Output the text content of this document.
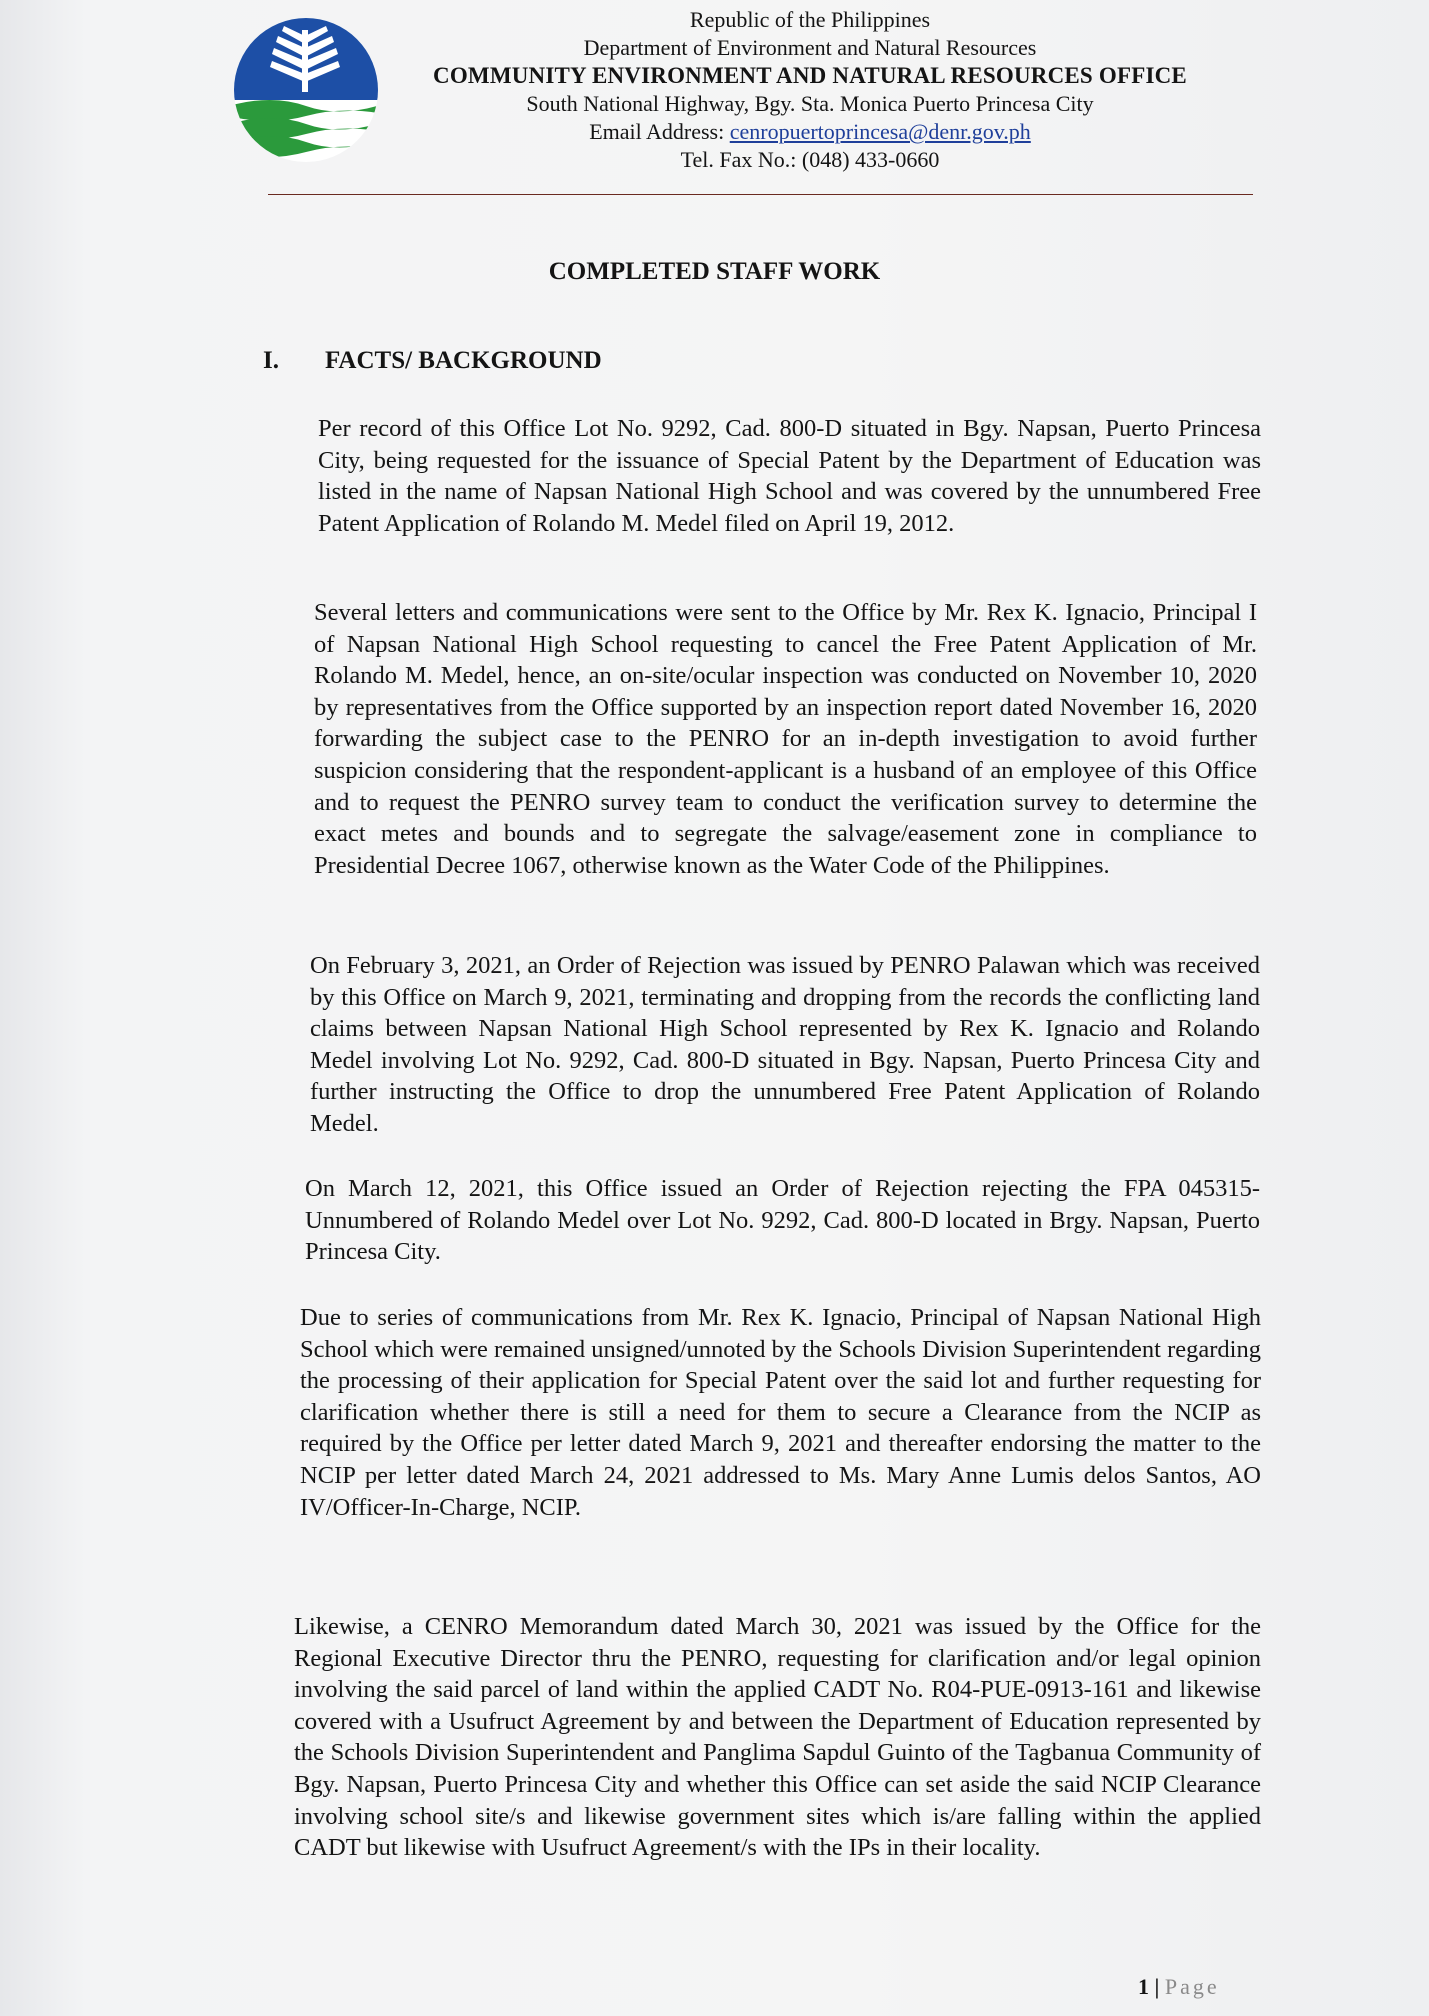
Republic of the Philippines
Department of Environment and Natural Resources
COMMUNITY ENVIRONMENT AND NATURAL RESOURCES OFFICE
South National Highway, Bgy. Sta. Monica Puerto Princesa City
Email Address: cenropuertoprincesa@denr.gov.ph
Tel. Fax No.: (048) 433-0660
COMPLETED STAFF WORK
I. FACTS/ BACKGROUND

Per record of this Office Lot No. 9292, Cad. 800-D situated in Bgy. Napsan, Puerto Princesa City, being requested for the issuance of Special Patent by the Department of Education was listed in the name of Napsan National High School and was covered by the unnumbered Free Patent Application of Rolando M. Medel filed on April 19, 2012.

Several letters and communications were sent to the Office by Mr. Rex K. Ignacio, Principal I of Napsan National High School requesting to cancel the Free Patent Application of Mr. Rolando M. Medel, hence, an on-site/ocular inspection was conducted on November 10, 2020 by representatives from the Office supported by an inspection report dated November 16, 2020 forwarding the subject case to the PENRO for an in-depth investigation to avoid further suspicion considering that the respondent-applicant is a husband of an employee of this Office and to request the PENRO survey team to conduct the verification survey to determine the exact metes and bounds and to segregate the salvage/easement zone in compliance to Presidential Decree 1067, otherwise known as the Water Code of the Philippines.

On February 3, 2021, an Order of Rejection was issued by PENRO Palawan which was received by this Office on March 9, 2021, terminating and dropping from the records the conflicting land claims between Napsan National High School represented by Rex K. Ignacio and Rolando Medel involving Lot No. 9292, Cad. 800-D situated in Bgy. Napsan, Puerto Princesa City and further instructing the Office to drop the unnumbered Free Patent Application of Rolando Medel.

On March 12, 2021, this Office issued an Order of Rejection rejecting the FPA 045315-Unnumbered of Rolando Medel over Lot No. 9292, Cad. 800-D located in Brgy. Napsan, Puerto Princesa City.

Due to series of communications from Mr. Rex K. Ignacio, Principal of Napsan National High School which were remained unsigned/unnoted by the Schools Division Superintendent regarding the processing of their application for Special Patent over the said lot and further requesting for clarification whether there is still a need for them to secure a Clearance from the NCIP as required by the Office per letter dated March 9, 2021 and thereafter endorsing the matter to the NCIP per letter dated March 24, 2021 addressed to Ms. Mary Anne Lumis delos Santos, AO IV/Officer-In-Charge, NCIP.

Likewise, a CENRO Memorandum dated March 30, 2021 was issued by the Office for the Regional Executive Director thru the PENRO, requesting for clarification and/or legal opinion involving the said parcel of land within the applied CADT No. R04-PUE-0913-161 and likewise covered with a Usufruct Agreement by and between the Department of Education represented by the Schools Division Superintendent and Panglima Sapdul Guinto of the Tagbanua Community of Bgy. Napsan, Puerto Princesa City and whether this Office can set aside the said NCIP Clearance involving school site/s and likewise government sites which is/are falling within the applied CADT but likewise with Usufruct Agreement/s with the IPs in their locality.

1 | Page
